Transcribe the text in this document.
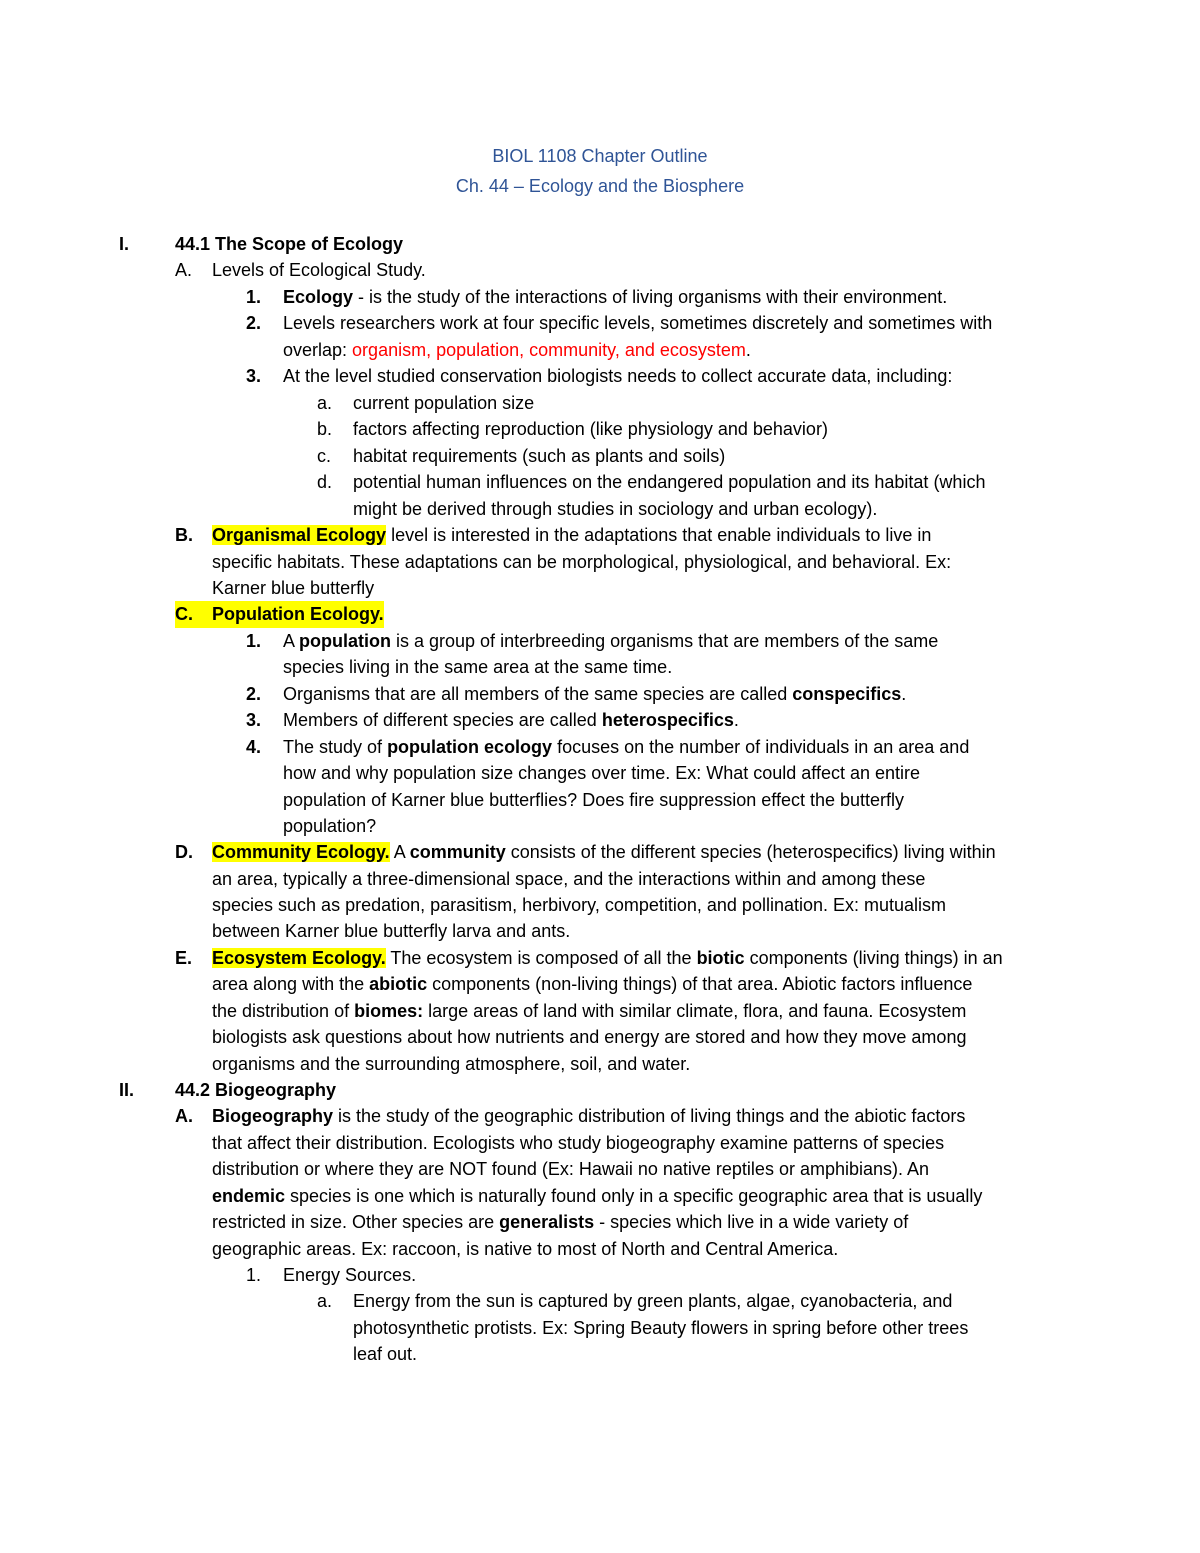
BIOL 1108 Chapter Outline
Ch. 44 – Ecology and the Biosphere
I.	44.1 The Scope of Ecology
A. Levels of Ecological Study.
1. Ecology - is the study of the interactions of living organisms with their environment.
2. Levels researchers work at four specific levels, sometimes discretely and sometimes with
overlap: organism, population, community, and ecosystem.
3. At the level studied conservation biologists needs to collect accurate data, including:
a. current population size
b. factors affecting reproduction (like physiology and behavior)
c. habitat requirements (such as plants and soils)
d. potential human influences on the endangered population and its habitat (which
might be derived through studies in sociology and urban ecology).
B. Organismal Ecology level is interested in the adaptations that enable individuals to live in
specific habitats. These adaptations can be morphological, physiological, and behavioral. Ex:
Karner blue butterfly
C.	Population Ecology.
1. A population is a group of interbreeding organisms that are members of the same
species living in the same area at the same time.
2. Organisms that are all members of the same species are called conspecifics.
3. Members of different species are called heterospecifics.
4. The study of population ecology focuses on the number of individuals in an area and
how and why population size changes over time. Ex: What could affect an entire
population of Karner blue butterflies? Does fire suppression effect the butterfly
population?
D. Community Ecology. A community consists of the different species (heterospecifics) living within
an area, typically a three-dimensional space, and the interactions within and among these
species such as predation, parasitism, herbivory, competition, and pollination. Ex: mutualism
between Karner blue butterfly larva and ants.
E. Ecosystem Ecology. The ecosystem is composed of all the biotic components (living things) in an
area along with the abiotic components (non-living things) of that area. Abiotic factors influence
the distribution of biomes: large areas of land with similar climate, flora, and fauna. Ecosystem
biologists ask questions about how nutrients and energy are stored and how they move among
organisms and the surrounding atmosphere, soil, and water.
II. 44.2 Biogeography
A. Biogeography is the study of the geographic distribution of living things and the abiotic factors
that affect their distribution. Ecologists who study biogeography examine patterns of species
distribution or where they are NOT found (Ex: Hawaii no native reptiles or amphibians). An
endemic species is one which is naturally found only in a specific geographic area that is usually
restricted in size. Other species are generalists - species which live in a wide variety of
geographic areas. Ex: raccoon, is native to most of North and Central America.
1. Energy Sources.
a. Energy from the sun is captured by green plants, algae, cyanobacteria, and
photosynthetic protists. Ex: Spring Beauty flowers in spring before other trees
leaf out.
